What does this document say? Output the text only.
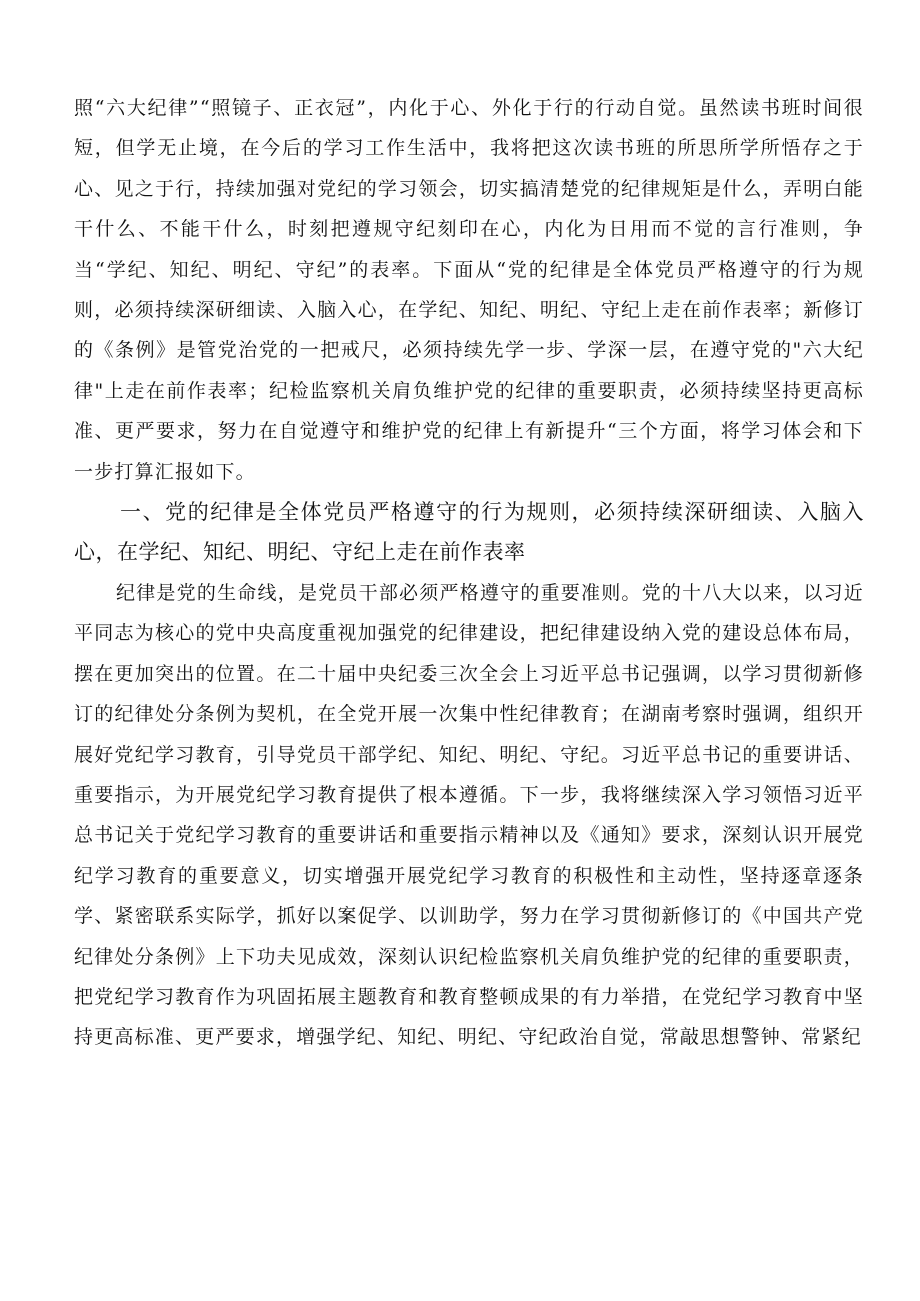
照“六大纪律”“照镜子、正衣冠”，内化于心、外化于行的行动自觉。虽然读书班时间很短，但学无止境，在今后的学习工作生活中，我将把这次读书班的所思所学所悟存之于心、见之于行，持续加强对党纪的学习领会，切实搞清楚党的纪律规矩是什么，弄明白能干什么、不能干什么，时刻把遵规守纪刻印在心，内化为日用而不觉的言行准则，争当“学纪、知纪、明纪、守纪”的表率。下面从“党的纪律是全体党员严格遵守的行为规则，必须持续深研细读、入脑入心，在学纪、知纪、明纪、守纪上走在前作表率；新修订的《条例》是管党治党的一把戒尺，必须持续先学一步、学深一层，在遵守党的"六大纪律"上走在前作表率；纪检监察机关肩负维护党的纪律的重要职责，必须持续坚持更高标准、更严要求，努力在自觉遵守和维护党的纪律上有新提升“三个方面，将学习体会和下一步打算汇报如下。

一、党的纪律是全体党员严格遵守的行为规则，必须持续深研细读、入脑入心，在学纪、知纪、明纪、守纪上走在前作表率

纪律是党的生命线，是党员干部必须严格遵守的重要准则。党的十八大以来，以习近平同志为核心的党中央高度重视加强党的纪律建设，把纪律建设纳入党的建设总体布局，摆在更加突出的位置。在二十届中央纪委三次全会上习近平总书记强调，以学习贯彻新修订的纪律处分条例为契机，在全党开展一次集中性纪律教育；在湖南考察时强调，组织开展好党纪学习教育，引导党员干部学纪、知纪、明纪、守纪。习近平总书记的重要讲话、重要指示，为开展党纪学习教育提供了根本遵循。下一步，我将继续深入学习领悟习近平总书记关于党纪学习教育的重要讲话和重要指示精神以及《通知》要求，深刻认识开展党纪学习教育的重要意义，切实增强开展党纪学习教育的积极性和主动性，坚持逐章逐条学、紧密联系实际学，抓好以案促学、以训助学，努力在学习贯彻新修订的《中国共产党纪律处分条例》上下功夫见成效，深刻认识纪检监察机关肩负维护党的纪律的重要职责，把党纪学习教育作为巩固拓展主题教育和教育整顿成果的有力举措，在党纪学习教育中坚持更高标准、更严要求，增强学纪、知纪、明纪、守纪政治自觉，常敲思想警钟、常紧纪
